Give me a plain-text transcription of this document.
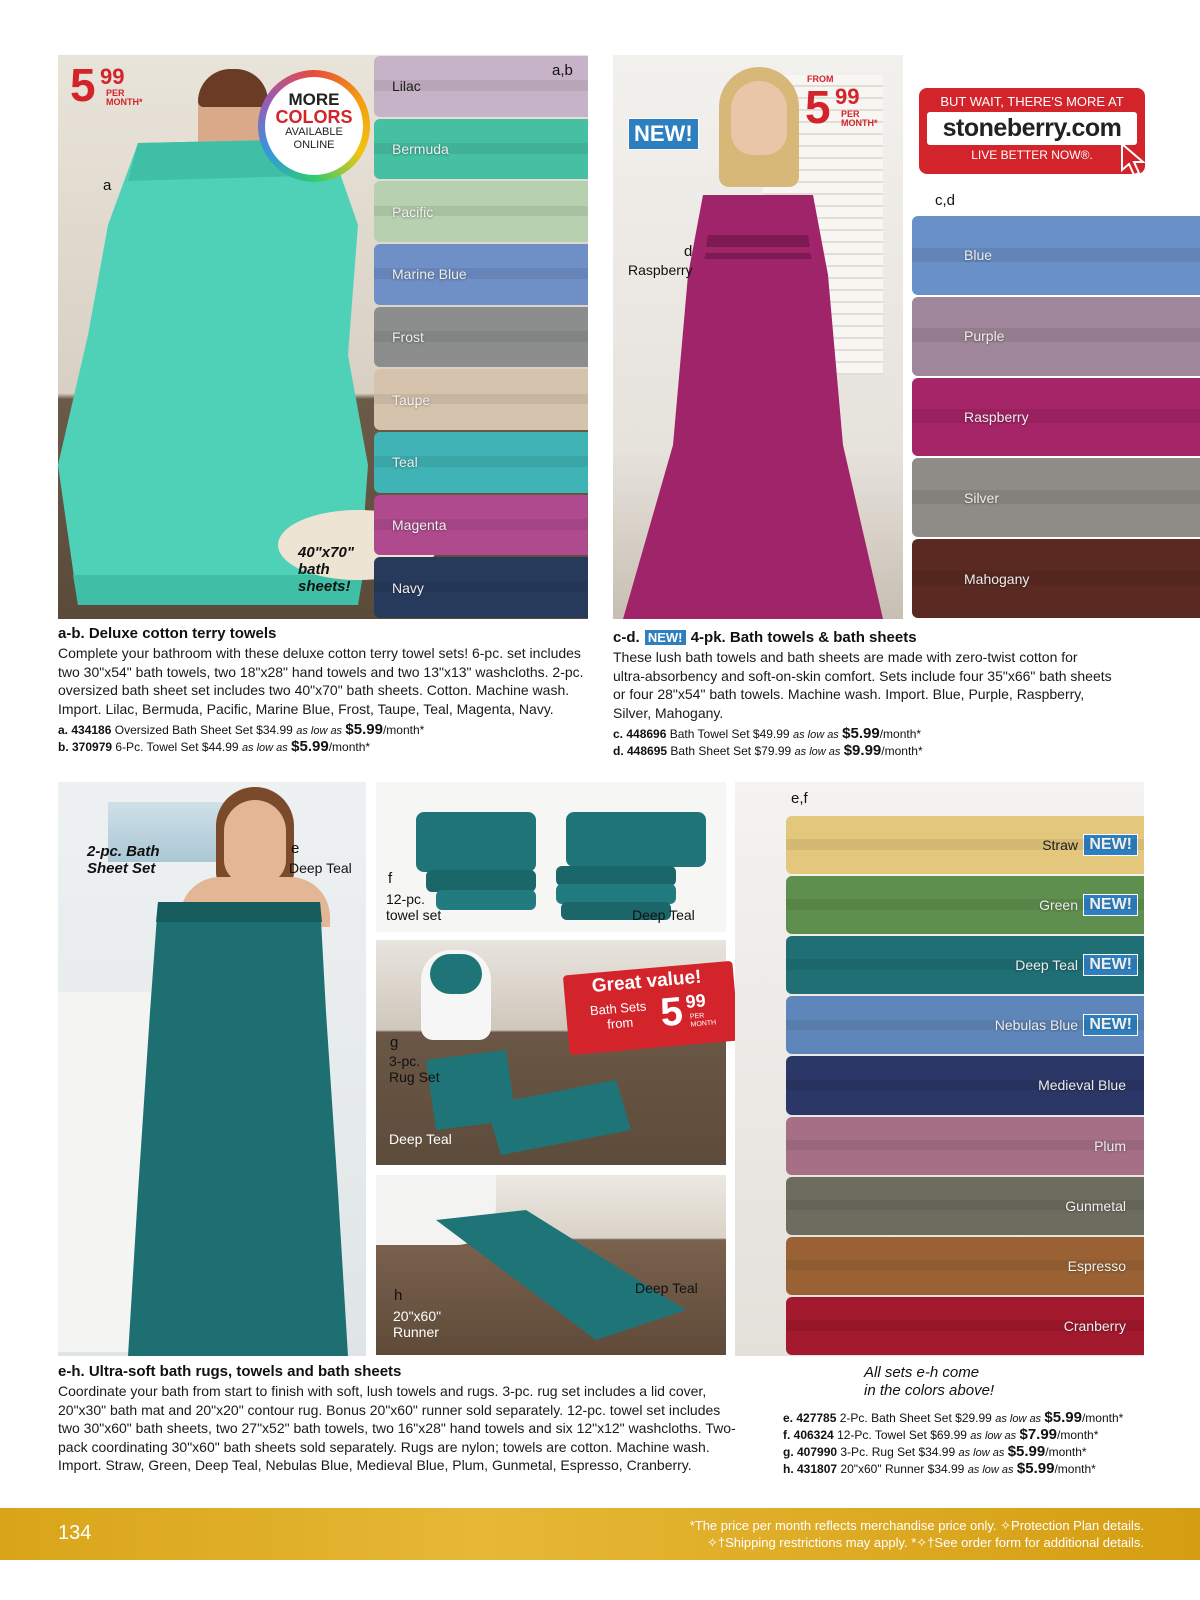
Lilac
Bermuda
Pacific
Marine Blue
Frost
Taupe
Teal
Magenta
Navy
a,b
a
5 99
PER
MONTH*	MORE
COLORS
AVAILABLE
ONLINE
40"x70"
bath
sheets!
NEW!
d
Raspberry
FROM
5 99
PER
MONTH*
BUT WAIT, THERE'S MORE AT
stoneberry.com
LIVE BETTER NOW®.
c,d
Blue
Purple
Raspberry
Silver
Mahogany
a-b. Deluxe cotton terry towels
Complete your bathroom with these deluxe cotton terry towel sets! 6-pc. set includes two 30"x54" bath towels, two 18"x28" hand towels and two 13"x13" washcloths. 2-pc. oversized bath sheet set includes two 40"x70" bath sheets. Cotton. Machine wash. Import. Lilac, Bermuda, Pacific, Marine Blue, Frost, Taupe, Teal, Magenta, Navy.
a. 434186 Oversized Bath Sheet Set $34.99 as low as $5.99/month*
b. 370979 6-Pc. Towel Set $44.99 as low as $5.99/month*
c-d. NEW! 4-pk. Bath towels & bath sheets
These lush bath towels and bath sheets are made with zero-twist cotton for ultra-absorbency and soft-on-skin comfort. Sets include four 35"x66" bath sheets or four 28"x54" bath towels. Machine wash. Import. Blue, Purple, Raspberry, Silver, Mahogany.
c. 448696 Bath Towel Set $49.99 as low as $5.99/month*
d. 448695 Bath Sheet Set $79.99 as low as $9.99/month*
2-pc. Bath
Sheet Set
e
Deep Teal
f
12-pc.
towel set	Deep Teal
g
3-pc.
Rug Set
Deep Teal
Great value!
Bath Sets
from 5 99
PER
MONTH
h
20"x60"
Runner
Deep Teal
e,f
Straw NEW!
Green NEW!
Deep Teal NEW!
Nebulas Blue NEW!
Medieval Blue
Plum
Gunmetal
Espresso
Cranberry
e-h. Ultra-soft bath rugs, towels and bath sheets
Coordinate your bath from start to finish with soft, lush towels and rugs. 3-pc. rug set includes a lid cover, 20"x30" bath mat and 20"x20" contour rug. Bonus 20"x60" runner sold separately. 12-pc. towel set includes two 30"x60" bath sheets, two 27"x52" bath towels, two 16"x28" hand towels and six 12"x12" washcloths. Two-pack coordinating 30"x60" bath sheets sold separately. Rugs are nylon; towels are cotton. Machine wash. Import. Straw, Green, Deep Teal, Nebulas Blue, Medieval Blue, Plum, Gunmetal, Espresso, Cranberry.
All sets e-h come
in the colors above!
e. 427785 2-Pc. Bath Sheet Set $29.99 as low as $5.99/month*
f. 406324 12-Pc. Towel Set $69.99 as low as $7.99/month*
g. 407990 3-Pc. Rug Set $34.99 as low as $5.99/month*
h. 431807 20"x60" Runner $34.99 as low as $5.99/month*
134	*The price per month reflects merchandise price only. ✧Protection Plan details.
✧†Shipping restrictions may apply. *✧†See order form for additional details.
